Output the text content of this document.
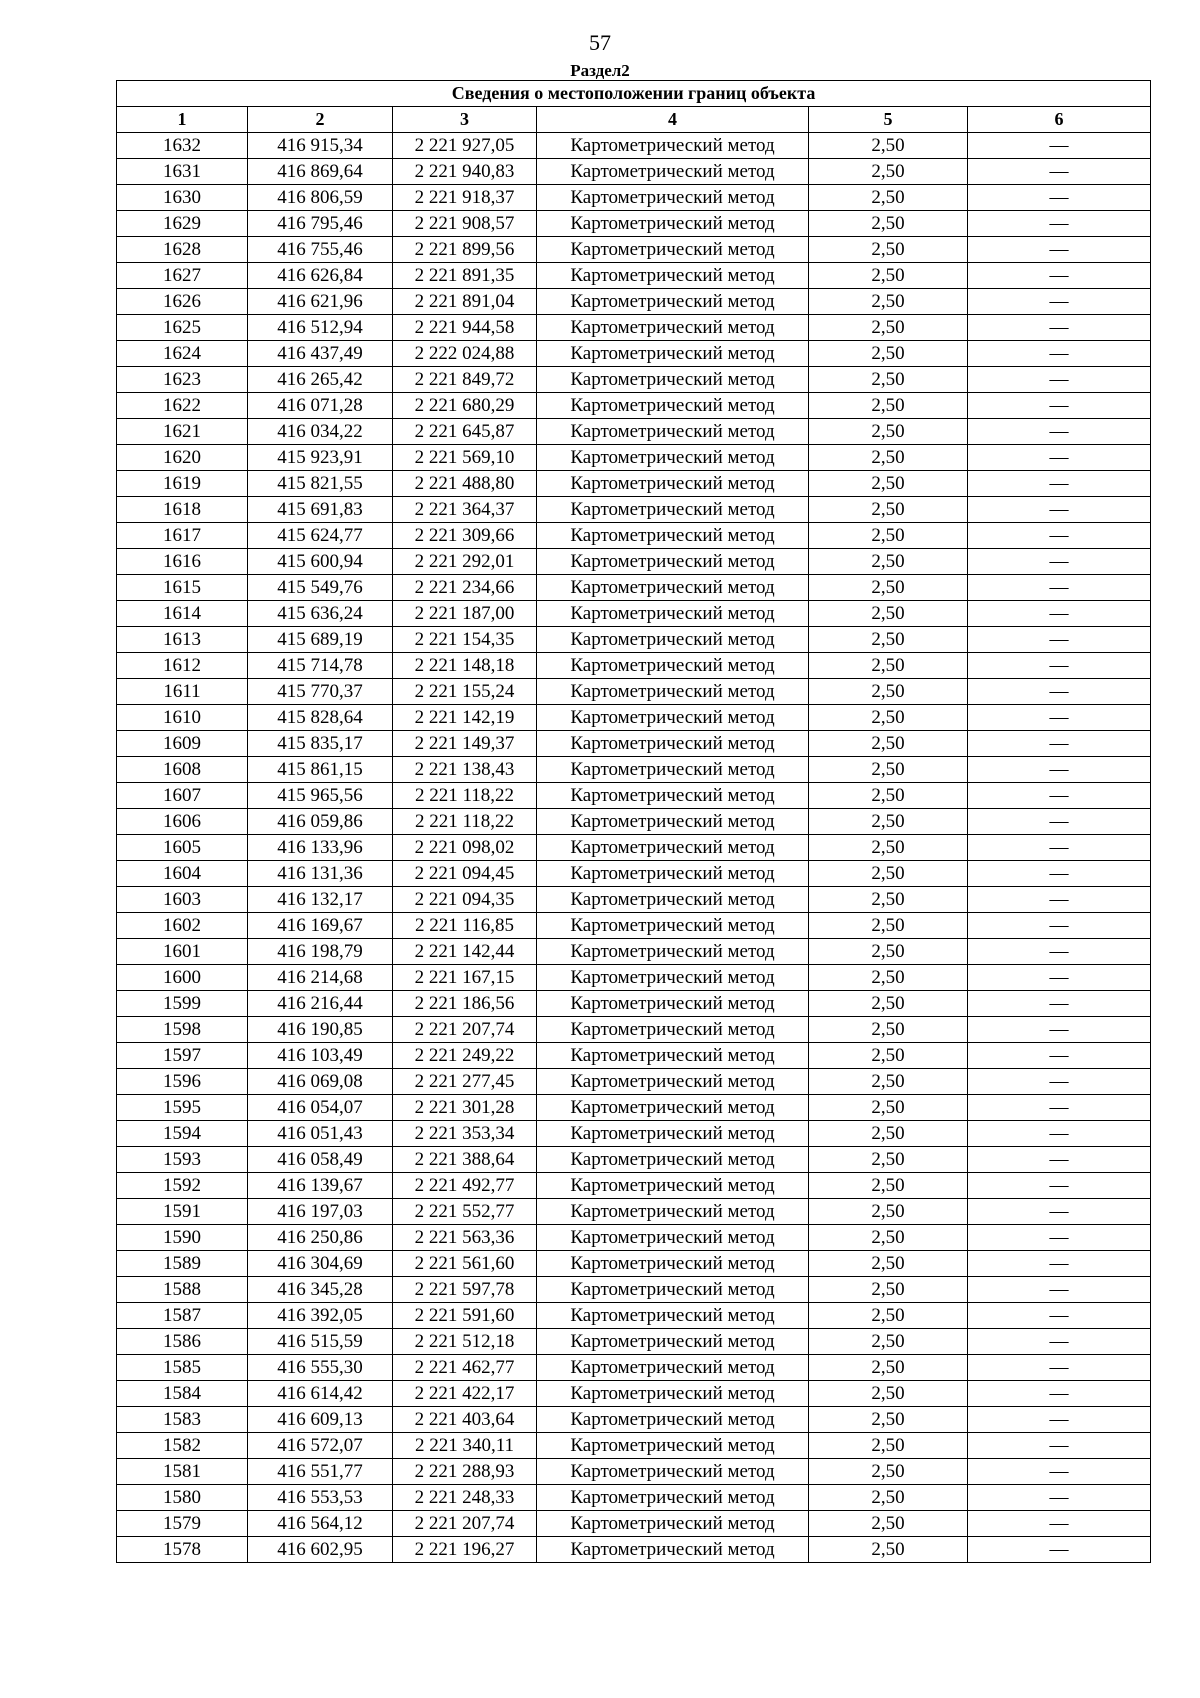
57
Раздел2
Сведения о местоположении границ объекта					
1	2	3	4	5	6
1632	416 915,34	2 221 927,05	Картометрический метод	2,50	—
1631	416 869,64	2 221 940,83	Картометрический метод	2,50	—
1630	416 806,59	2 221 918,37	Картометрический метод	2,50	—
1629	416 795,46	2 221 908,57	Картометрический метод	2,50	—
1628	416 755,46	2 221 899,56	Картометрический метод	2,50	—
1627	416 626,84	2 221 891,35	Картометрический метод	2,50	—
1626	416 621,96	2 221 891,04	Картометрический метод	2,50	—
1625	416 512,94	2 221 944,58	Картометрический метод	2,50	—
1624	416 437,49	2 222 024,88	Картометрический метод	2,50	—
1623	416 265,42	2 221 849,72	Картометрический метод	2,50	—
1622	416 071,28	2 221 680,29	Картометрический метод	2,50	—
1621	416 034,22	2 221 645,87	Картометрический метод	2,50	—
1620	415 923,91	2 221 569,10	Картометрический метод	2,50	—
1619	415 821,55	2 221 488,80	Картометрический метод	2,50	—
1618	415 691,83	2 221 364,37	Картометрический метод	2,50	—
1617	415 624,77	2 221 309,66	Картометрический метод	2,50	—
1616	415 600,94	2 221 292,01	Картометрический метод	2,50	—
1615	415 549,76	2 221 234,66	Картометрический метод	2,50	—
1614	415 636,24	2 221 187,00	Картометрический метод	2,50	—
1613	415 689,19	2 221 154,35	Картометрический метод	2,50	—
1612	415 714,78	2 221 148,18	Картометрический метод	2,50	—
1611	415 770,37	2 221 155,24	Картометрический метод	2,50	—
1610	415 828,64	2 221 142,19	Картометрический метод	2,50	—
1609	415 835,17	2 221 149,37	Картометрический метод	2,50	—
1608	415 861,15	2 221 138,43	Картометрический метод	2,50	—
1607	415 965,56	2 221 118,22	Картометрический метод	2,50	—
1606	416 059,86	2 221 118,22	Картометрический метод	2,50	—
1605	416 133,96	2 221 098,02	Картометрический метод	2,50	—
1604	416 131,36	2 221 094,45	Картометрический метод	2,50	—
1603	416 132,17	2 221 094,35	Картометрический метод	2,50	—
1602	416 169,67	2 221 116,85	Картометрический метод	2,50	—
1601	416 198,79	2 221 142,44	Картометрический метод	2,50	—
1600	416 214,68	2 221 167,15	Картометрический метод	2,50	—
1599	416 216,44	2 221 186,56	Картометрический метод	2,50	—
1598	416 190,85	2 221 207,74	Картометрический метод	2,50	—
1597	416 103,49	2 221 249,22	Картометрический метод	2,50	—
1596	416 069,08	2 221 277,45	Картометрический метод	2,50	—
1595	416 054,07	2 221 301,28	Картометрический метод	2,50	—
1594	416 051,43	2 221 353,34	Картометрический метод	2,50	—
1593	416 058,49	2 221 388,64	Картометрический метод	2,50	—
1592	416 139,67	2 221 492,77	Картометрический метод	2,50	—
1591	416 197,03	2 221 552,77	Картометрический метод	2,50	—
1590	416 250,86	2 221 563,36	Картометрический метод	2,50	—
1589	416 304,69	2 221 561,60	Картометрический метод	2,50	—
1588	416 345,28	2 221 597,78	Картометрический метод	2,50	—
1587	416 392,05	2 221 591,60	Картометрический метод	2,50	—
1586	416 515,59	2 221 512,18	Картометрический метод	2,50	—
1585	416 555,30	2 221 462,77	Картометрический метод	2,50	—
1584	416 614,42	2 221 422,17	Картометрический метод	2,50	—
1583	416 609,13	2 221 403,64	Картометрический метод	2,50	—
1582	416 572,07	2 221 340,11	Картометрический метод	2,50	—
1581	416 551,77	2 221 288,93	Картометрический метод	2,50	—
1580	416 553,53	2 221 248,33	Картометрический метод	2,50	—
1579	416 564,12	2 221 207,74	Картометрический метод	2,50	—
1578	416 602,95	2 221 196,27	Картометрический метод	2,50	—
